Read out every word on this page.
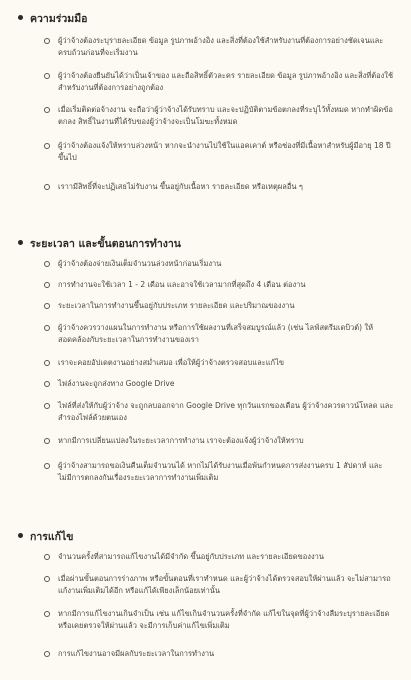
ความร่วมมือ
ผู้ว่าจ้างต้องระบุรายละเอียด ข้อมูล รูปภาพอ้างอิง และสิ่งที่ต้องใช้สำหรับงานที่ต้องการอย่างชัดเจนและครบถ้วนก่อนที่จะเริ่มงาน
ผู้ว่าจ้างต้องยืนยันได้ว่าเป็นเจ้าของ และถือสิทธิ์ตัวละคร รายละเอียด ข้อมูล รูปภาพอ้างอิง และสิ่งที่ต้องใช้สำหรับงานที่ต้องการอย่างถูกต้อง
เมื่อเริ่มติดต่อจ้างงาน จะถือว่าผู้ว่าจ้างได้รับทราบ และจะปฏิบัติตามข้อตกลงที่ระบุไว้ทั้งหมด หากทำผิดข้อตกลง สิทธิ์ในงานที่ได้รับของผู้ว่าจ้างจะเป็นโมฆะทั้งหมด
ผู้ว่าจ้างต้องแจ้งให้ทราบล่วงหน้า หากจะนำงานไปใช้ในแอคเคาต์ หรือช่องที่มีเนื้อหาสำหรับผู้มีอายุ 18 ปีขึ้นไป
เราามีสิทธิ์ที่จะปฏิเสธไม่รับงาน ขึ้นอยู่กับเนื้อหา รายละเอียด หรือเหตุผลอื่น ๆ
ระยะเวลา และขั้นตอนการทำงาน
ผู้ว่าจ้างต้องจ่ายเงินเต็มจำนวนล่วงหน้าก่อนเริ่มงาน
การทำงานจะใช้เวลา 1 - 2 เดือน และอาจใช้เวลามากที่สุดถึง 4 เดือน ต่องาน
ระยะเวลาในการทำงานขึ้นอยู่กับประเภท รายละเอียด และปริมาณของงาน
ผู้ว่าจ้างควรวางแผนในการทำงาน หรือการใช้ผลงานที่เสร็จสมบูรณ์แล้ว (เช่น ไลฟ์สตรีมเดบิวต์) ให้สอดคล้องกับระยะเวลาในการทำงานของเรา
เราจะคอยอัปเดตงานอย่างสม่ำเสมอ เพื่อให้ผู้ว่าจ้างตรวจสอบและแก้ไข
ไฟล์งานจะถูกส่งทาง Google Drive
ไฟล์ที่ส่งให้กับผู้ว่าจ้าง จะถูกลบออกจาก Google Drive ทุกวันแรกของเดือน ผู้ว่าจ้างควรดาวน์โหลด และสำรองไฟล์ด้วยตนเอง
หากมีการเปลี่ยนแปลงในระยะเวลาการทำงาน เราจะต้องแจ้งผู้ว่าจ้างให้ทราบ
ผู้ว่าจ้างสามารถขอเงินคืนเต็มจำนวนได้ หากไม่ได้รับงานเมื่อพ้นกำหนดการส่งงานครบ 1 สัปดาห์ และไม่มีการตกลงกันเรื่องระยะเวลาการทำงานเพิ่มเติม
การแก้ไข
จำนวนครั้งที่สามารถแก้ไขงานได้มีจำกัด ขึ้นอยู่กับประเภท และรายละเอียดของงาน
เมื่อผ่านขั้นตอนการร่างภาพ หรือขั้นตอนที่เราทำหนด และผู้ว่าจ้างได้ตรวจสอบให้ผ่านแล้ว จะไม่สามารถแก้งานเพิ่มเติมได้อีก หรือแก้ได้เพียงเล็กน้อยเท่านั้น
หากมีการแก้ไขงานเกินจำเป็น เช่น แก้ไขเกินจำนวนครั้งที่จำกัด แก้ไขในจุดที่ผู้ว่าจ้างลืมระบุรายละเอียด หรือเคยตรวจให้ผ่านแล้ว จะมีการเก็บค่าแก้ไขเพิ่มเติม
การแก้ไขงานอาจมีผลกับระยะเวลาในการทำงาน
